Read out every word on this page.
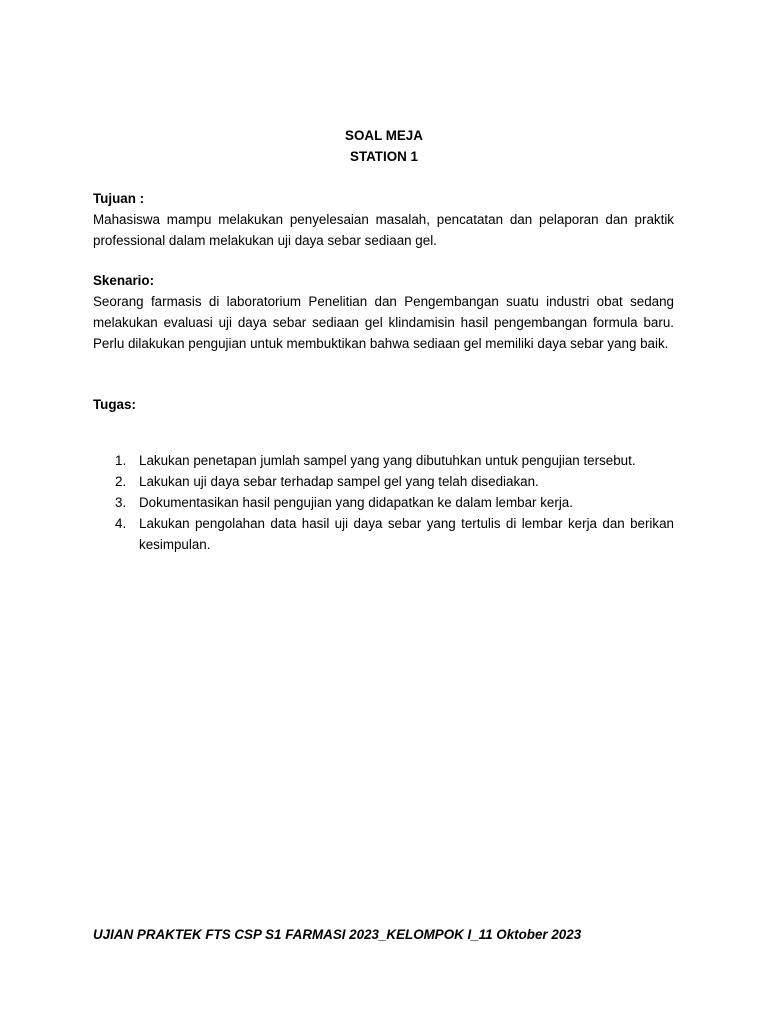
SOAL MEJA

STATION 1

Tujuan :

Mahasiswa mampu melakukan penyelesaian masalah, pencatatan dan pelaporan dan praktik professional dalam melakukan uji daya sebar sediaan gel.

Skenario:

Seorang farmasis di laboratorium Penelitian dan Pengembangan suatu industri obat sedang melakukan evaluasi uji daya sebar sediaan gel klindamisin hasil pengembangan formula baru. Perlu dilakukan pengujian untuk membuktikan bahwa sediaan gel memiliki daya sebar yang baik.

Tugas:

1. Lakukan penetapan jumlah sampel yang yang dibutuhkan untuk pengujian tersebut.
2. Lakukan uji daya sebar terhadap sampel gel yang telah disediakan.
3. Dokumentasikan hasil pengujian yang didapatkan ke dalam lembar kerja.
4. Lakukan pengolahan data hasil uji daya sebar yang tertulis di lembar kerja dan berikan kesimpulan.
UJIAN PRAKTEK FTS CSP S1 FARMASI 2023_KELOMPOK I_11 Oktober 2023
